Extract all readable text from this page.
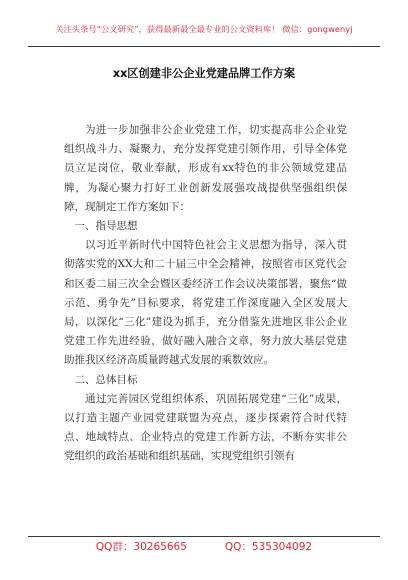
关注头条号“公文研究”，获得最新最全最专业的公文资料库！ 微信：gongwenyj
xx区创建非公企业党建品牌工作方案

为进一步加强非公企业党建工作，切实提高非公企业党组织战斗力、凝聚力，充分发挥党建引领作用，引导全体党员立足岗位，敬业奉献，形成有xx特色的非公领域党建品牌，为凝心聚力打好工业创新发展强攻战提供坚强组织保障，现制定工作方案如下：

一、指导思想

以习近平新时代中国特色社会主义思想为指导，深入贯彻落实党的XX大和二十届三中全会精神，按照省市区党代会和区委二届三次全会暨区委经济工作会议决策部署，聚焦“做示范、勇争先”目标要求，将党建工作深度融入全区发展大局，以深化“三化”建设为抓手，充分借鉴先进地区非公企业党建工作先进经验，做好融入融合文章，努力放大基层党建助推我区经济高质量跨越式发展的乘数效应。

二、总体目标

通过完善园区党组织体系，巩固拓展党建“三化”成果，以打造主题产业园党建联盟为亮点，逐步探索符合时代特点、地域特点、企业特点的党建工作新方法，不断夯实非公党组织的政治基础和组织基础，实现党组织引领有

QQ群：30265665	QQ：535304092
